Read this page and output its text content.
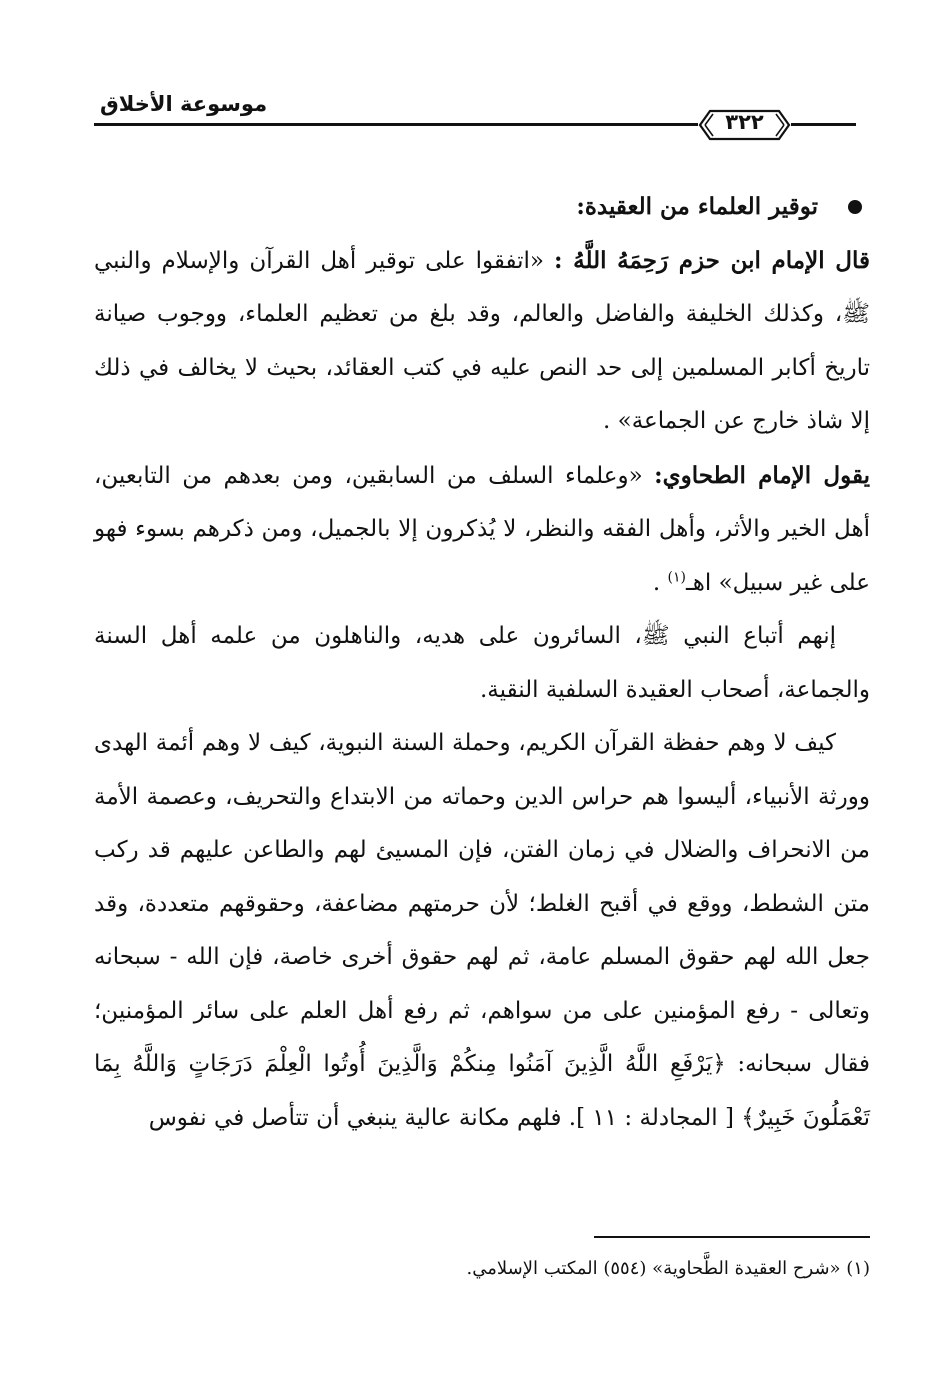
موسوعة الأخلاق
٣٢٢

توقير العلماء من العقيدة:

قال الإمام ابن حزم رَحِمَهُ اللَّهُ : «اتفقوا على توقير أهل القرآن والإسلام والنبي ﷺ، وكذلك الخليفة والفاضل والعالم، وقد بلغ من تعظيم العلماء، ووجوب صيانة تاريخ أكابر المسلمين إلى حد النص عليه في كتب العقائد، بحيث لا يخالف في ذلك إلا شاذ خارج عن الجماعة» .

يقول الإمام الطحاوي: «وعلماء السلف من السابقين، ومن بعدهم من التابعين، أهل الخير والأثر، وأهل الفقه والنظر، لا يُذكرون إلا بالجميل، ومن ذكرهم بسوء فهو على غير سبيل» اهـ$^{(١)}$ .

إنهم أتباع النبي ﷺ، السائرون على هديه، والناهلون من علمه أهل السنة والجماعة، أصحاب العقيدة السلفية النقية.

كيف لا وهم حفظة القرآن الكريم، وحملة السنة النبوية، كيف لا وهم أئمة الهدى وورثة الأنبياء، أليسوا هم حراس الدين وحماته من الابتداع والتحريف، وعصمة الأمة من الانحراف والضلال في زمان الفتن، فإن المسيئ لهم والطاعن عليهم قد ركب متن الشطط، ووقع في أقبح الغلط؛ لأن حرمتهم مضاعفة، وحقوقهم متعددة، وقد جعل الله لهم حقوق المسلم عامة، ثم لهم حقوق أخرى خاصة، فإن الله - سبحانه وتعالى - رفع المؤمنين على من سواهم، ثم رفع أهل العلم على سائر المؤمنين؛ فقال سبحانه: ﴿يَرْفَعِ اللَّهُ الَّذِينَ آمَنُوا مِنكُمْ وَالَّذِينَ أُوتُوا الْعِلْمَ دَرَجَاتٍ وَاللَّهُ بِمَا تَعْمَلُونَ خَبِيرٌ﴾ [ المجادلة : ١١ ]. فلهم مكانة عالية ينبغي أن تتأصل في نفوس

(١) «شرح العقيدة الطَّحاوية» (٥٥٤) المكتب الإسلامي.
